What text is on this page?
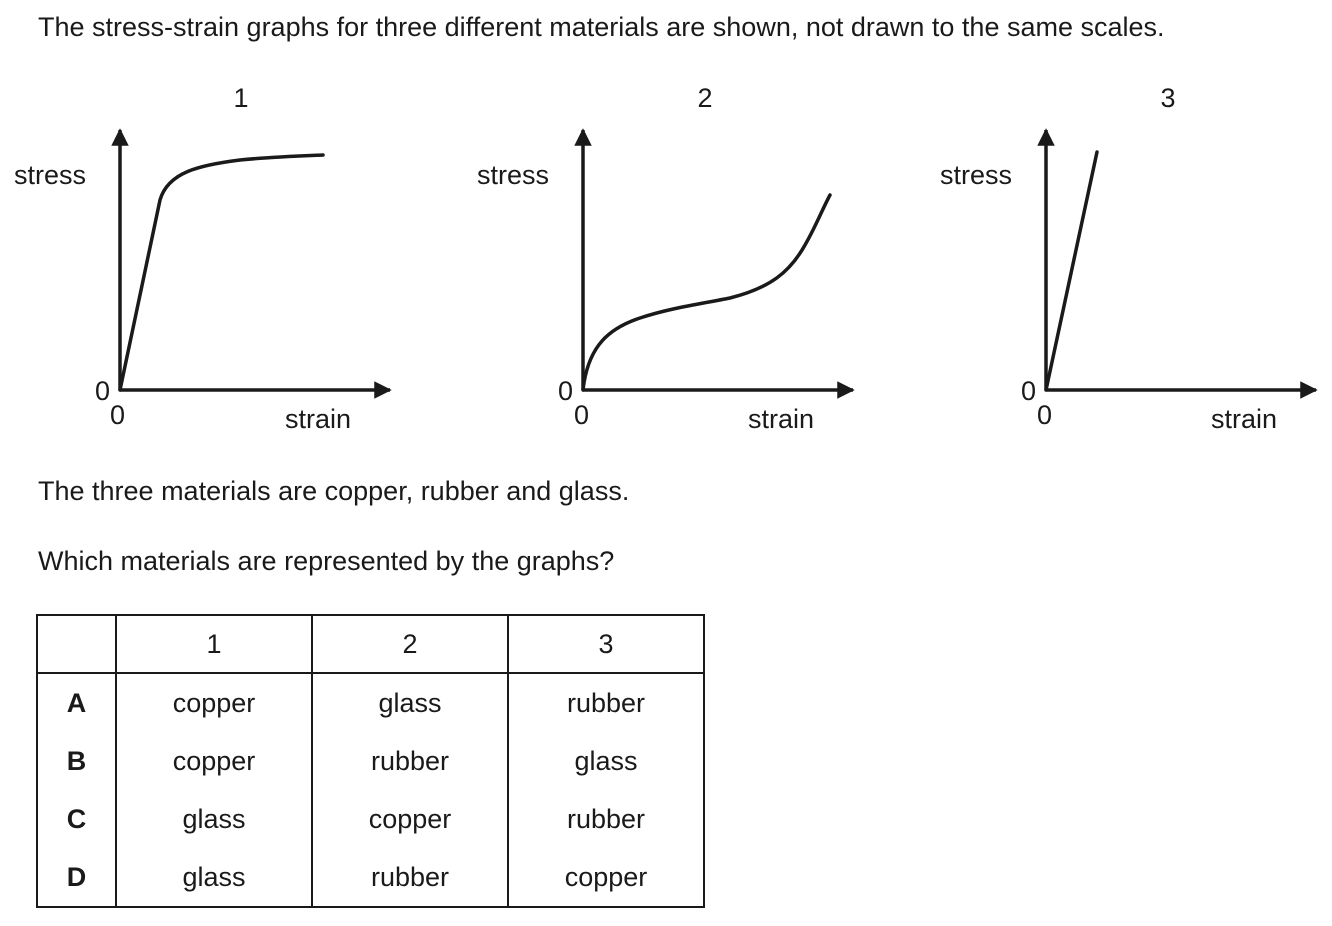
The stress-strain graphs for three different materials are shown, not drawn to the same scales.
1
stress
0
0	strain
2
stress
0
0	strain
3
stress
0
0	strain
The three materials are copper, rubber and glass.
Which materials are represented by the graphs?
	1	2	3
A	copper	glass	rubber
B	copper	rubber	glass
C	glass	copper	rubber
D	glass	rubber	copper
